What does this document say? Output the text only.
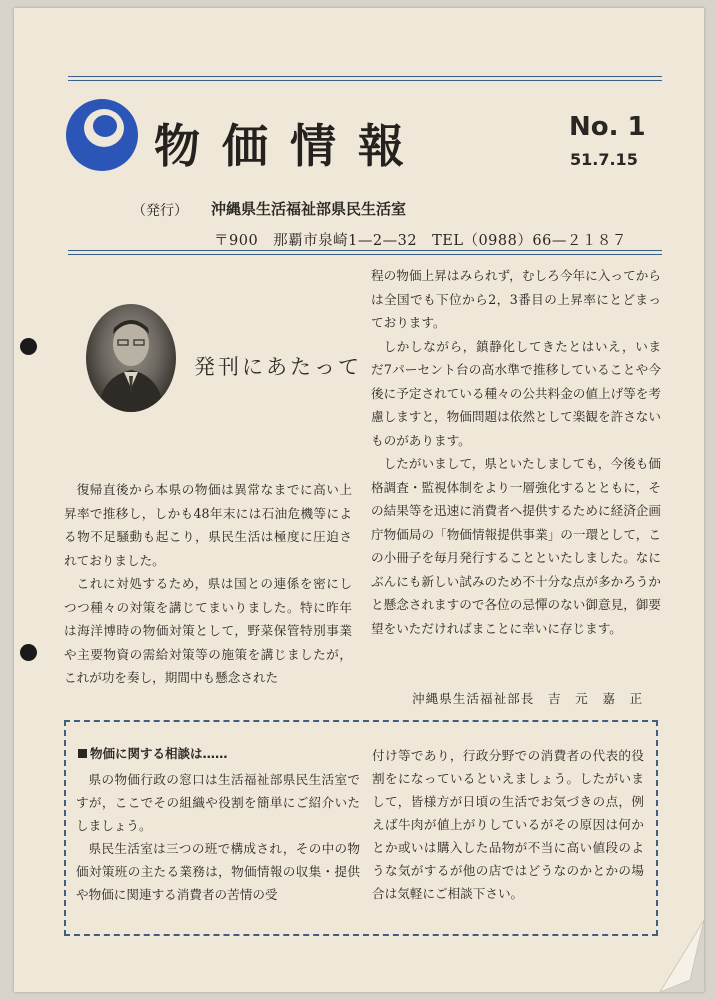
物価情報	No. 1
51.7.15
（発行） 沖縄県生活福祉部県民生活室
〒900　那覇市泉崎1—2—32　TEL（0988）66—２１８７
発刊にあたって

復帰直後から本県の物価は異常なまでに高い上昇率で推移し，しかも48年末には石油危機等による物不足騒動も起こり，県民生活は極度に圧迫されておりました。

これに対処するため，県は国との連係を密にしつつ種々の対策を講じてまいりました。特に昨年は海洋博時の物価対策として，野菜保管特別事業や主要物資の需給対策等の施策を講じましたが，これが功を奏し，期間中も懸念された

程の物価上昇はみられず，むしろ今年に入ってからは全国でも下位から2，3番目の上昇率にとどまっております。

しかしながら，鎮静化してきたとはいえ，いまだ7パーセント台の高水準で推移していることや今後に予定されている種々の公共料金の値上げ等を考慮しますと，物価問題は依然として楽観を許さないものがあります。

したがいまして，県といたしましても，今後も価格調査・監視体制をより一層強化するとともに，その結果等を迅速に消費者へ提供するために経済企画庁物価局の「物価情報提供事業」の一環として，この小冊子を毎月発行することといたしました。なにぶんにも新しい試みのため不十分な点が多かろうかと懸念されますので各位の忌憚のない御意見，御要望をいただければまことに幸いに存じます。

沖縄県生活福祉部長　吉　元　嘉　正
物価に関する相談は……

県の物価行政の窓口は生活福祉部県民生活室ですが，ここでその組織や役割を簡単にご紹介いたしましょう。

県民生活室は三つの班で構成され，その中の物価対策班の主たる業務は，物価情報の収集・提供や物価に関連する消費者の苦情の受

付け等であり，行政分野での消費者の代表的役割をになっているといえましょう。したがいまして，皆様方が日頃の生活でお気づきの点，例えば牛肉が値上がりしているがその原因は何かとか或いは購入した品物が不当に高い値段のような気がするが他の店ではどうなのかとかの場合は気軽にご相談下さい。
